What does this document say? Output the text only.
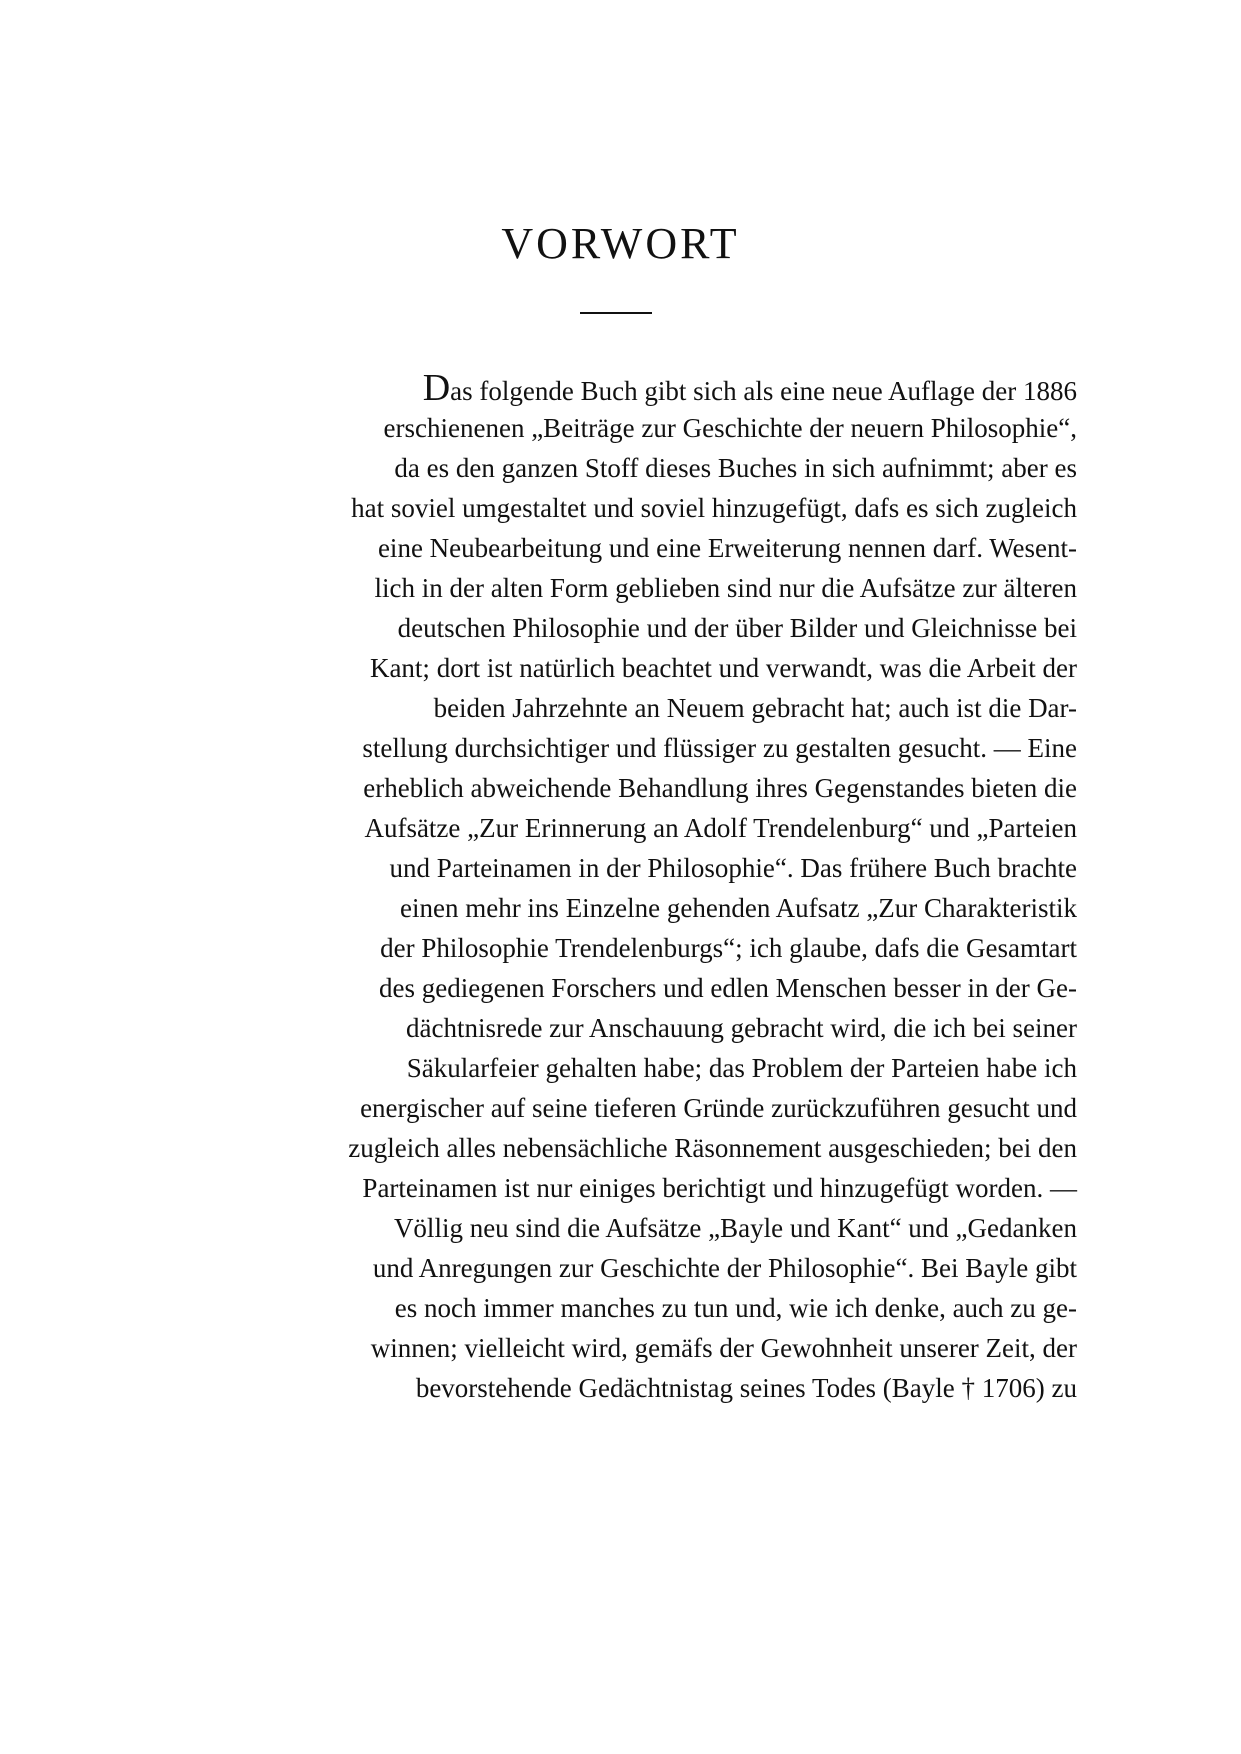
VORWORT
Das folgende Buch gibt sich als eine neue Auflage der 1886
erschienenen „Beiträge zur Geschichte der neuern Philosophie“,
da es den ganzen Stoff dieses Buches in sich aufnimmt; aber es
hat soviel umgestaltet und soviel hinzugefügt, dafs es sich zugleich
eine Neubearbeitung und eine Erweiterung nennen darf. Wesent-
lich in der alten Form geblieben sind nur die Aufsätze zur älteren
deutschen Philosophie und der über Bilder und Gleichnisse bei
Kant; dort ist natürlich beachtet und verwandt, was die Arbeit der
beiden Jahrzehnte an Neuem gebracht hat; auch ist die Dar-
stellung durchsichtiger und flüssiger zu gestalten gesucht. — Eine
erheblich abweichende Behandlung ihres Gegenstandes bieten die
Aufsätze „Zur Erinnerung an Adolf Trendelenburg“ und „Parteien
und Parteinamen in der Philosophie“. Das frühere Buch brachte
einen mehr ins Einzelne gehenden Aufsatz „Zur Charakteristik
der Philosophie Trendelenburgs“; ich glaube, dafs die Gesamtart
des gediegenen Forschers und edlen Menschen besser in der Ge-
dächtnisrede zur Anschauung gebracht wird, die ich bei seiner
Säkularfeier gehalten habe; das Problem der Parteien habe ich
energischer auf seine tieferen Gründe zurückzuführen gesucht und
zugleich alles nebensächliche Räsonnement ausgeschieden; bei den
Parteinamen ist nur einiges berichtigt und hinzugefügt worden. —
Völlig neu sind die Aufsätze „Bayle und Kant“ und „Gedanken
und Anregungen zur Geschichte der Philosophie“. Bei Bayle gibt
es noch immer manches zu tun und, wie ich denke, auch zu ge-
winnen; vielleicht wird, gemäfs der Gewohnheit unserer Zeit, der
bevorstehende Gedächtnistag seines Todes (Bayle † 1706) zu
